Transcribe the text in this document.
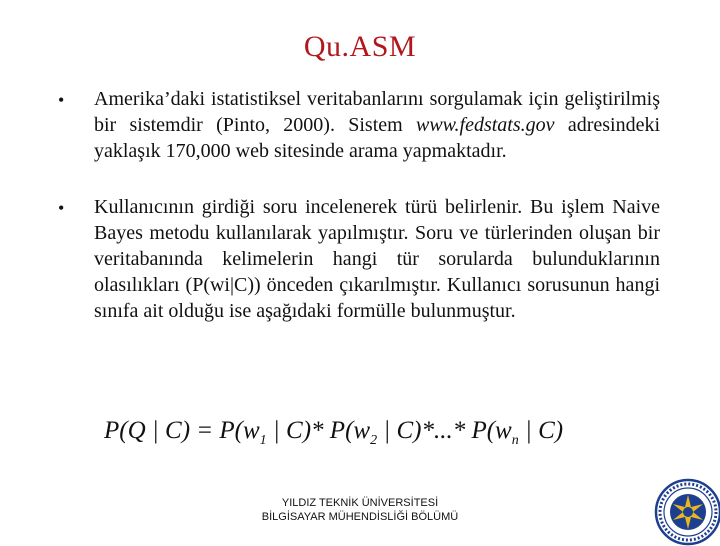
Qu.ASM
•	Amerika’daki istatistiksel veritabanlarını sorgulamak için geliştirilmiş bir sistemdir (Pinto, 2000). Sistem www.fedstats.gov adresindeki yaklaşık 170,000 web sitesinde arama yapmaktadır.
•	Kullanıcının girdiği soru incelenerek türü belirlenir. Bu işlem Naive Bayes metodu kullanılarak yapılmıştır. Soru ve türlerinden oluşan bir veritabanında kelimelerin hangi tür sorularda bulunduklarının olasılıkları (P(wi|C)) önceden çıkarılmıştır. Kullanıcı sorusunun hangi sınıfa ait olduğu ise aşağıdaki formülle bulunmuştur.
P(Q | $C) = P(w_1$ | C)* $P(w_2$ | C)*...* $P(w_n$ | C)
YILDIZ TEKNİK ÜNİVERSİTESİ
BİLGİSAYAR MÜHENDİSLİĞİ BÖLÜMÜ
